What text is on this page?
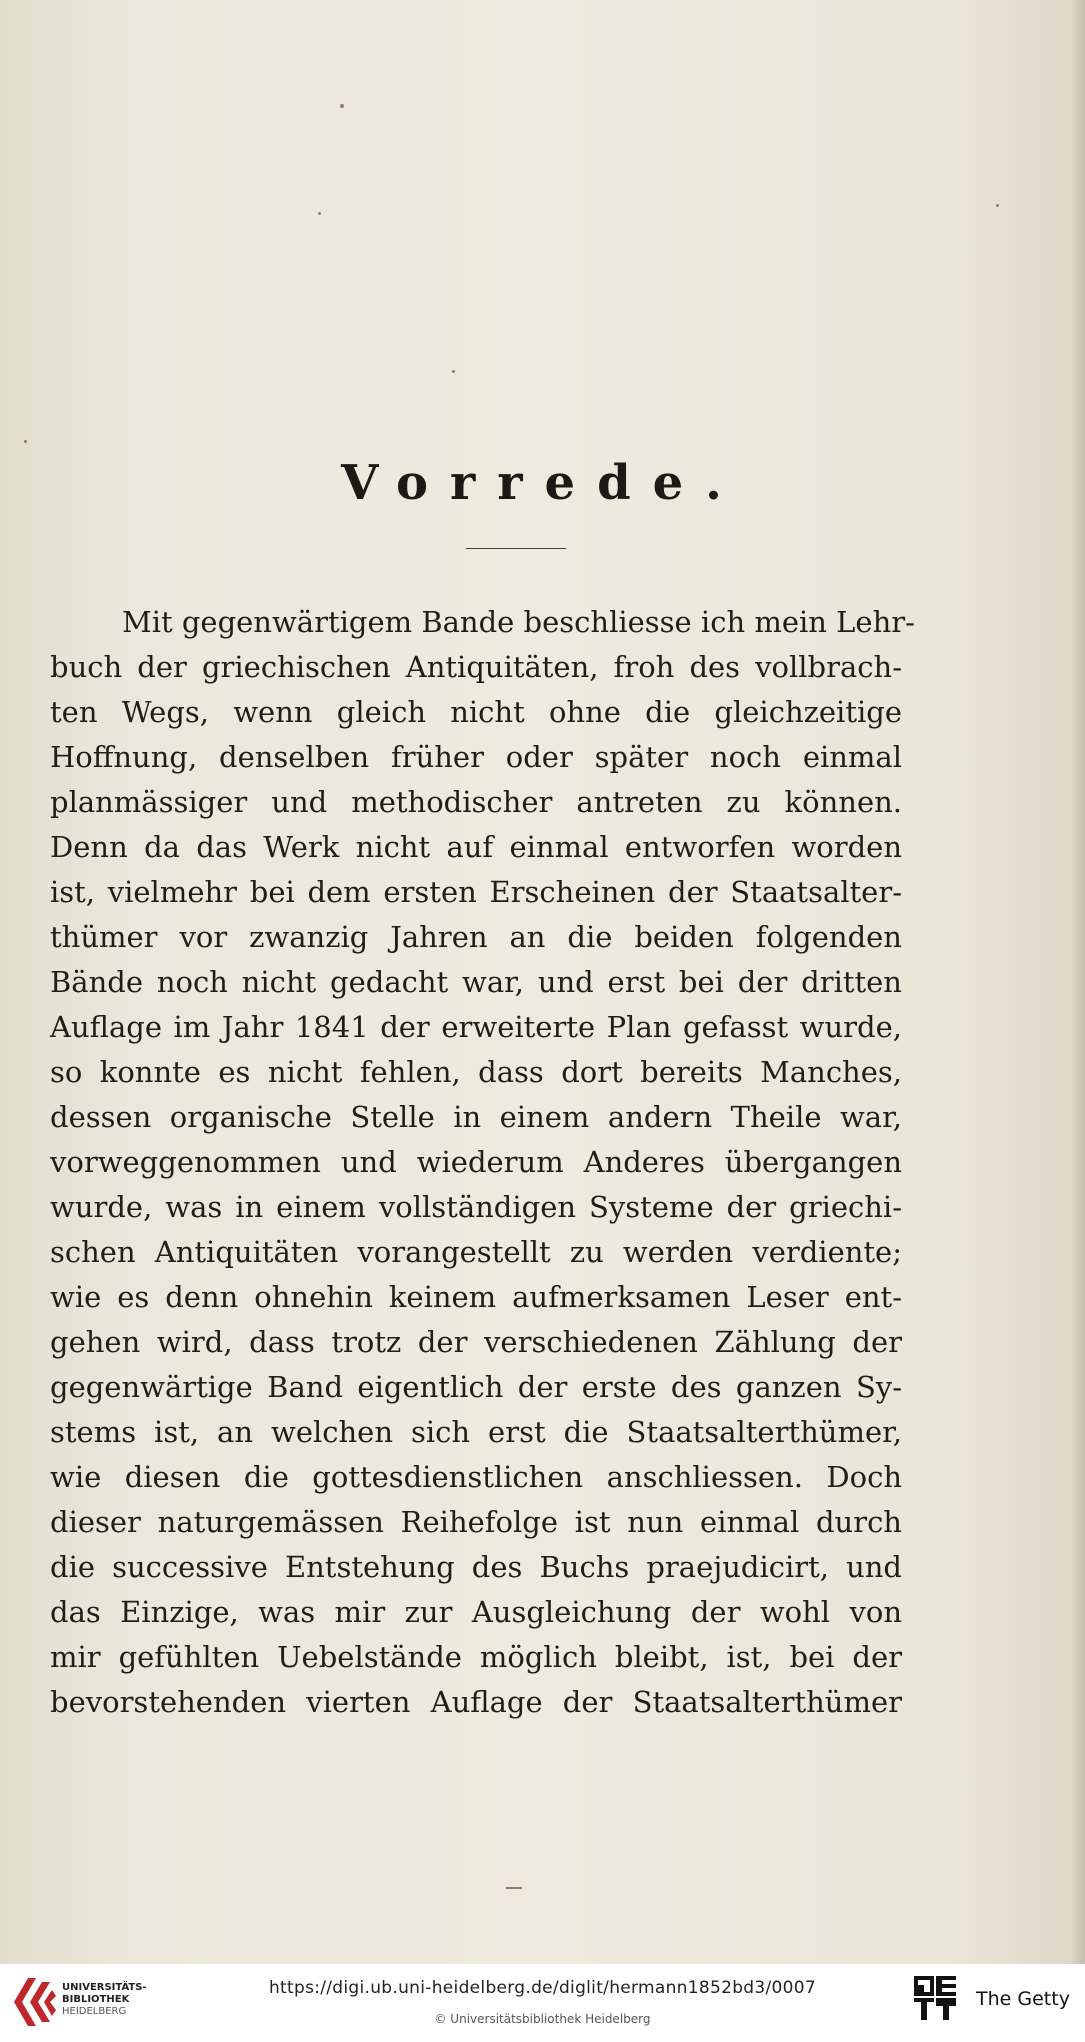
Vorrede.
Mit gegenwärtigem Bande beschliesse ich mein Lehr-
buch der griechischen Antiquitäten, froh des vollbrach-
ten Wegs, wenn gleich nicht ohne die gleichzeitige
Hoffnung, denselben früher oder später noch einmal
planmässiger und methodischer antreten zu können.
Denn da das Werk nicht auf einmal entworfen worden
ist, vielmehr bei dem ersten Erscheinen der Staatsalter-
thümer vor zwanzig Jahren an die beiden folgenden
Bände noch nicht gedacht war, und erst bei der dritten
Auflage im Jahr 1841 der erweiterte Plan gefasst wurde,
so konnte es nicht fehlen, dass dort bereits Manches,
dessen organische Stelle in einem andern Theile war,
vorweggenommen und wiederum Anderes übergangen
wurde, was in einem vollständigen Systeme der griechi-
schen Antiquitäten vorangestellt zu werden verdiente;
wie es denn ohnehin keinem aufmerksamen Leser ent-
gehen wird, dass trotz der verschiedenen Zählung der
gegenwärtige Band eigentlich der erste des ganzen Sy-
stems ist, an welchen sich erst die Staatsalterthümer,
wie diesen die gottesdienstlichen anschliessen. Doch
dieser naturgemässen Reihefolge ist nun einmal durch
die successive Entstehung des Buchs praejudicirt, und
das Einzige, was mir zur Ausgleichung der wohl von
mir gefühlten Uebelstände möglich bleibt, ist, bei der
bevorstehenden vierten Auflage der Staatsalterthümer
UNIVERSITÄTS-
BIBLIOTHEK
HEIDELBERG
https://digi.ub.uni-heidelberg.de/diglit/hermann1852bd3/0007
© Universitätsbibliothek Heidelberg
The Getty
